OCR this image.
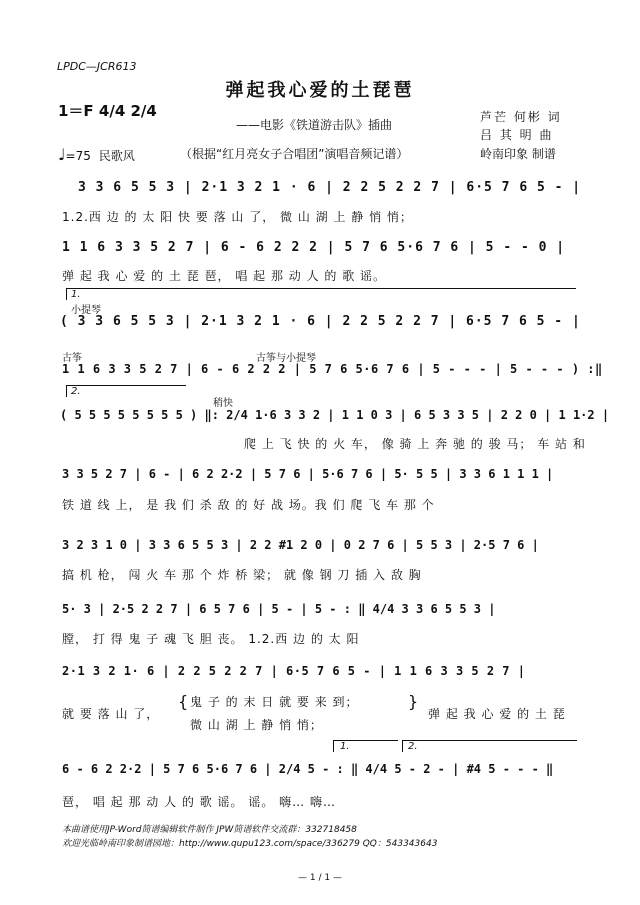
LPDC—JCR613
弹起我心爱的土琵琶
1＝F 4/4 2/4
——电影《铁道游击队》插曲
芦芒 何彬 词
吕 其 明 曲
♩=75 民歌风	（根据“红月亮女子合唱团”演唱音频记谱）	岭南印象 制谱
3 3 6 5 5 3 | 2·1 3 2 1 · 6 | 2 2 5 2 2 7 | 6·5 7 6 5 - |
1.2.西 边 的 太 阳 快 要 落 山 了， 微 山 湖 上 静 悄 悄；
1 1 6 3 3 5 2 7 | 6 - 6 2 2 2 | 5 7 6 5·6 7 6 | 5 - - 0 |
弹 起 我 心 爱 的 土 琵 琶， 唱 起 那 动 人 的 歌 谣。
1.
小提琴
( 3 3 6 5 5 3 | 2·1 3 2 1 · 6 | 2 2 5 2 2 7 | 6·5 7 6 5 - |
古筝	古筝与小提琴
1 1 6 3 3 5 2 7 | 6 - 6 2 2 2 | 5 7 6 5·6 7 6 | 5 - - - | 5 - - - ) :‖
2.
稍快
( 5 5 5 5 5 5 5 5 ) ‖: 2/4 1·6 3 3 2 | 1 1 0 3 | 6 5 3 3 5 | 2 2 0 | 1 1·2 |
爬 上 飞 快 的 火 车， 像 骑 上 奔 驰 的 骏 马； 车 站 和
3 3 5 2 7 | 6 - | 6 2 2·2 | 5 7 6 | 5·6 7 6 | 5· 5 5 | 3 3 6 1 1 1 |
铁 道 线 上， 是 我 们 杀 敌 的 好 战 场。我 们 爬 飞 车 那 个
3 2 3 1 0 | 3 3 6 5 5 3 | 2 2 #1 2 0 | 0 2 7 6 | 5 5 3 | 2·5 7 6 |
搞 机 枪， 闯 火 车 那 个 炸 桥 梁； 就 像 钢 刀 插 入 敌 胸
5· 3 | 2·5 2 2 7 | 6 5 7 6 | 5 - | 5 - : ‖ 4/4 3 3 6 5 5 3 |
膛， 打 得 鬼 子 魂 飞 胆 丧。 1.2.西 边 的 太 阳
2·1 3 2 1· 6 | 2 2 5 2 2 7 | 6·5 7 6 5 - | 1 1 6 3 3 5 2 7 |
就 要 落 山 了，
{ 鬼 子 的 末 日 就 要 来 到；
微 山 湖 上 静 悄 悄；
}
弹 起 我 心 爱 的 土 琵
1.	2.
6 - 6 2 2·2 | 5 7 6 5·6 7 6 | 2/4 5 - : ‖ 4/4 5 - 2 - | #4 5 - - - ‖
琶， 唱 起 那 动 人 的 歌 谣。 谣。 嗨… 嗨…
本曲谱使用JP-Word简谱编辑软件制作 JPW简谱软件交流群：332718458
欢迎光临岭南印象制谱园地：http://www.qupu123.com/space/336279 QQ：543343643
— 1 / 1 —
